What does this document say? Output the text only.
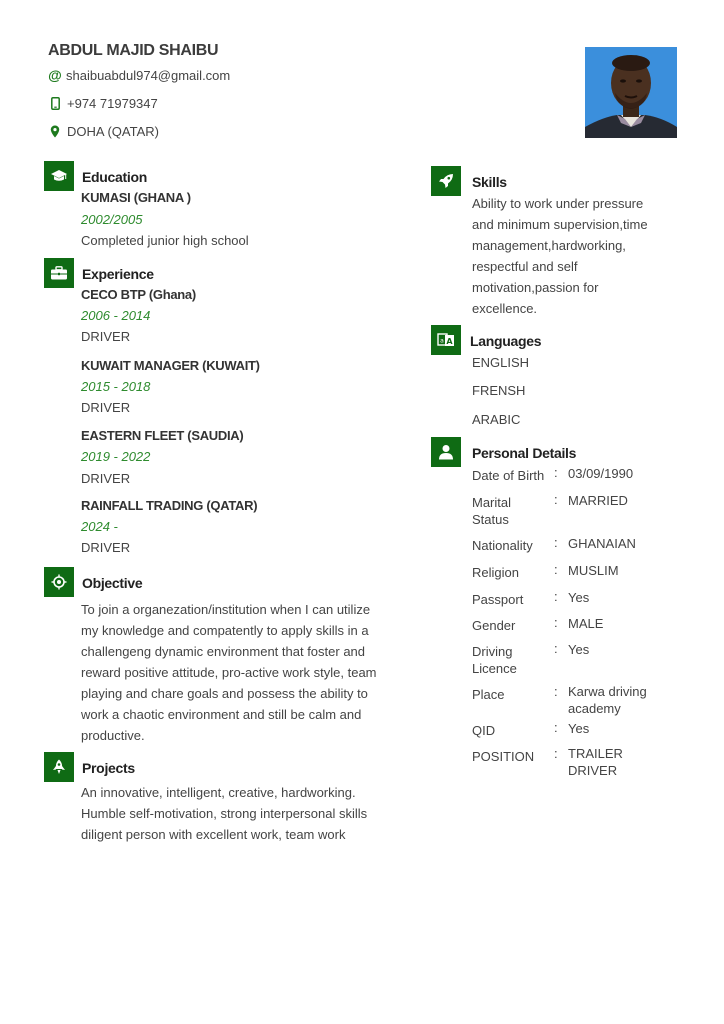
ABDUL MAJID SHAIBU
@ shaibuabdul974@gmail.com
+974 71979347
DOHA (QATAR)
Education
KUMASI (GHANA )
2002/2005
Completed junior high school
Experience
CECO BTP (Ghana)
2006 - 2014
DRIVER
KUWAIT MANAGER (KUWAIT)
2015 - 2018
DRIVER
EASTERN FLEET (SAUDIA)
2019 - 2022
DRIVER
RAINFALL TRADING (QATAR)
2024 -
DRIVER
Objective
To join a organezation/institution when I can utilize
my knowledge and compatently to apply skills in a
challengeng dynamic environment that foster and
reward positive attitude, pro-active work style, team
playing and chare goals and possess the ability to
work a chaotic environment and still be calm and
productive.
Projects
An innovative, intelligent, creative, hardworking.
Humble self-motivation, strong interpersonal skills
diligent person with excellent work, team work
Skills
Ability to work under pressure
and minimum supervision,time
management,hardworking,
respectful and self
motivation,passion for
excellence.
A
a Languages
ENGLISH
FRENSH
ARABIC
Personal Details
Date of Birth : 03/09/1990
Marital Status
: MARRIED
Nationality	: GHANAIAN
Religion	: MUSLIM
Passport	: Yes
Gender	: MALE
Driving Licence
: Yes
Place	: Karwa driving academy
QID	: Yes
POSITION	: TRAILER DRIVER
